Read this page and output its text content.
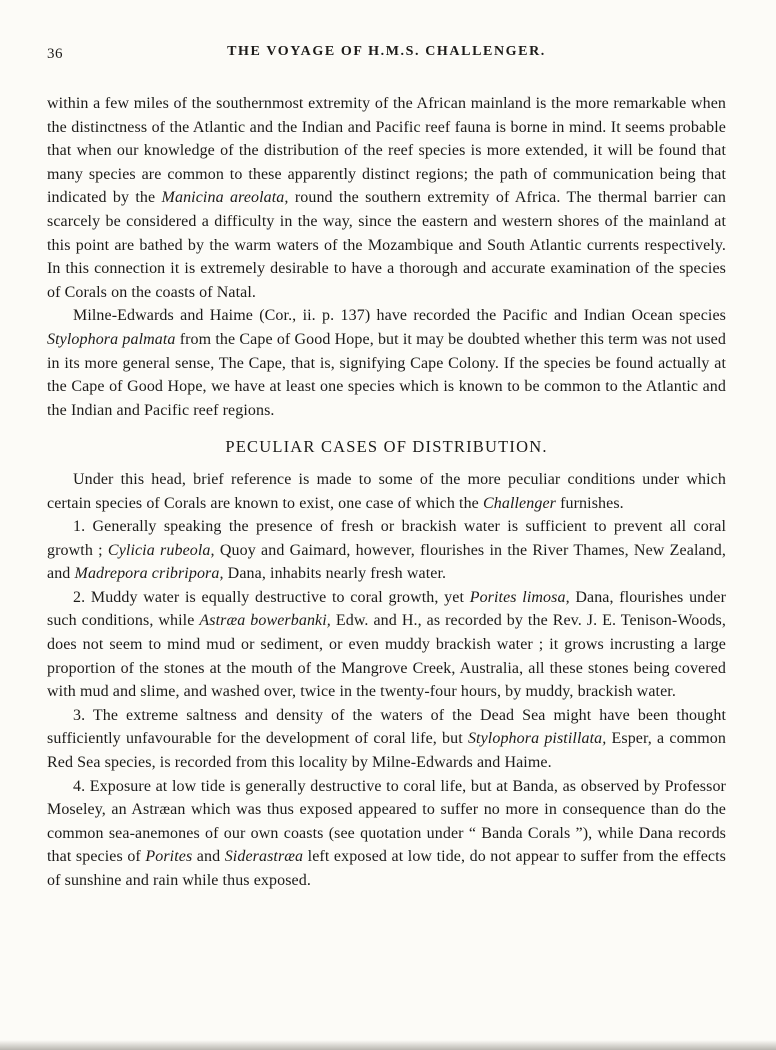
36	THE VOYAGE OF H.M.S. CHALLENGER.

within a few miles of the southernmost extremity of the African mainland is the more remarkable when the distinctness of the Atlantic and the Indian and Pacific reef fauna is borne in mind. It seems probable that when our knowledge of the distribution of the reef species is more extended, it will be found that many species are common to these apparently distinct regions; the path of communication being that indicated by the Manicina areolata, round the southern extremity of Africa. The thermal barrier can scarcely be considered a difficulty in the way, since the eastern and western shores of the mainland at this point are bathed by the warm waters of the Mozambique and South Atlantic currents respectively. In this connection it is extremely desirable to have a thorough and accurate examination of the species of Corals on the coasts of Natal.

Milne-Edwards and Haime (Cor., ii. p. 137) have recorded the Pacific and Indian Ocean species Stylophora palmata from the Cape of Good Hope, but it may be doubted whether this term was not used in its more general sense, The Cape, that is, signifying Cape Colony. If the species be found actually at the Cape of Good Hope, we have at least one species which is known to be common to the Atlantic and the Indian and Pacific reef regions.

PECULIAR CASES OF DISTRIBUTION.

Under this head, brief reference is made to some of the more peculiar conditions under which certain species of Corals are known to exist, one case of which the Challenger furnishes.

1. Generally speaking the presence of fresh or brackish water is sufficient to prevent all coral growth ; Cylicia rubeola, Quoy and Gaimard, however, flourishes in the River Thames, New Zealand, and Madrepora cribripora, Dana, inhabits nearly fresh water.

2. Muddy water is equally destructive to coral growth, yet Porites limosa, Dana, flourishes under such conditions, while Astræa bowerbanki, Edw. and H., as recorded by the Rev. J. E. Tenison-Woods, does not seem to mind mud or sediment, or even muddy brackish water ; it grows incrusting a large proportion of the stones at the mouth of the Mangrove Creek, Australia, all these stones being covered with mud and slime, and washed over, twice in the twenty-four hours, by muddy, brackish water.

3. The extreme saltness and density of the waters of the Dead Sea might have been thought sufficiently unfavourable for the development of coral life, but Stylophora pistillata, Esper, a common Red Sea species, is recorded from this locality by Milne-Edwards and Haime.

4. Exposure at low tide is generally destructive to coral life, but at Banda, as observed by Professor Moseley, an Astræan which was thus exposed appeared to suffer no more in consequence than do the common sea-anemones of our own coasts (see quotation under “ Banda Corals ”), while Dana records that species of Porites and Siderastræa left exposed at low tide, do not appear to suffer from the effects of sunshine and rain while thus exposed.
